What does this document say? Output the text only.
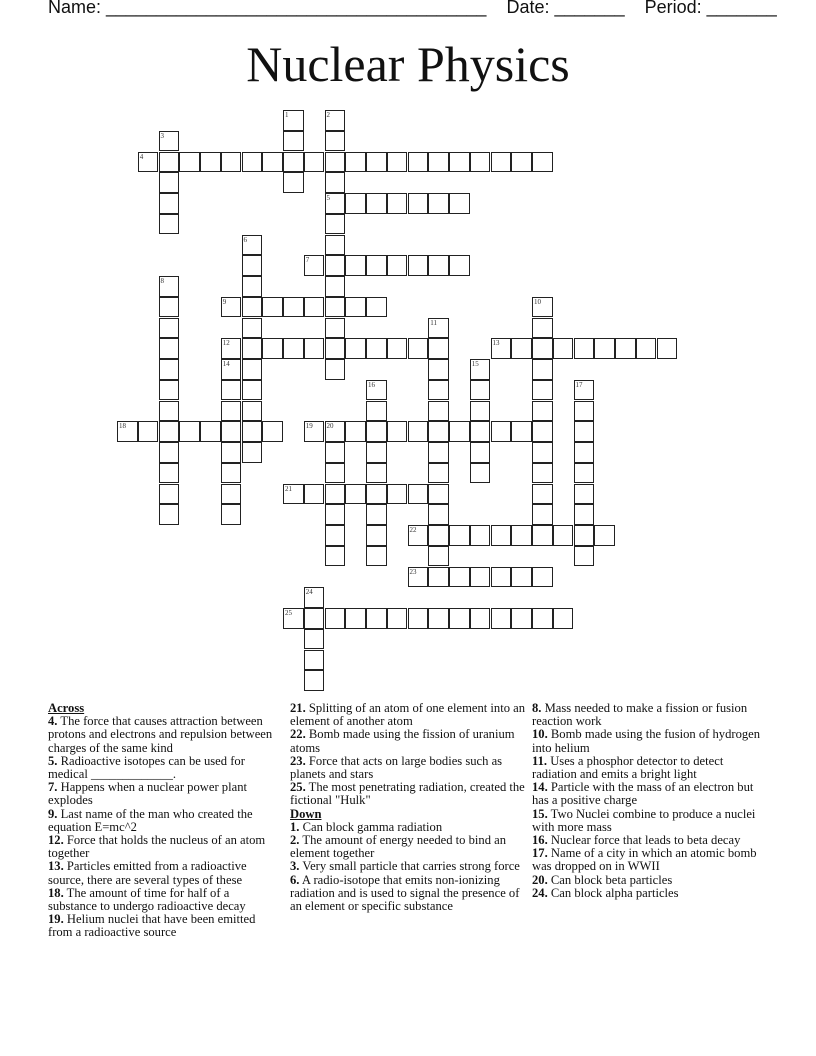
Name: ______________________________________ Date: _______ Period: _______
Nuclear Physics
1	2
5
3
4
6
7
8
9	10
11
12	13
14	15
16	17
18	19 20
21
22
23
24
25
Across
4. The force that causes attraction between protons and electrons and repulsion between charges of the same kind
5. Radioactive isotopes can be used for medical _____________.
7. Happens when a nuclear power plant explodes
9. Last name of the man who created the equation E=mc^2
12. Force that holds the nucleus of an atom together
13. Particles emitted from a radioactive source, there are several types of these
18. The amount of time for half of a substance to undergo radioactive decay
19. Helium nuclei that have been emitted from a radioactive source
21. Splitting of an atom of one element into an element of another atom
22. Bomb made using the fission of uranium atoms
23. Force that acts on large bodies such as planets and stars
25. The most penetrating radiation, created the fictional "Hulk"
Down
1. Can block gamma radiation
2. The amount of energy needed to bind an element together
3. Very small particle that carries strong force
6. A radio-isotope that emits non-ionizing radiation and is used to signal the presence of an element or specific substance
8. Mass needed to make a fission or fusion reaction work
10. Bomb made using the fusion of hydrogen into helium
11. Uses a phosphor detector to detect radiation and emits a bright light
14. Particle with the mass of an electron but has a positive charge
15. Two Nuclei combine to produce a nuclei with more mass
16. Nuclear force that leads to beta decay
17. Name of a city in which an atomic bomb was dropped on in WWII
20. Can block beta particles
24. Can block alpha particles
